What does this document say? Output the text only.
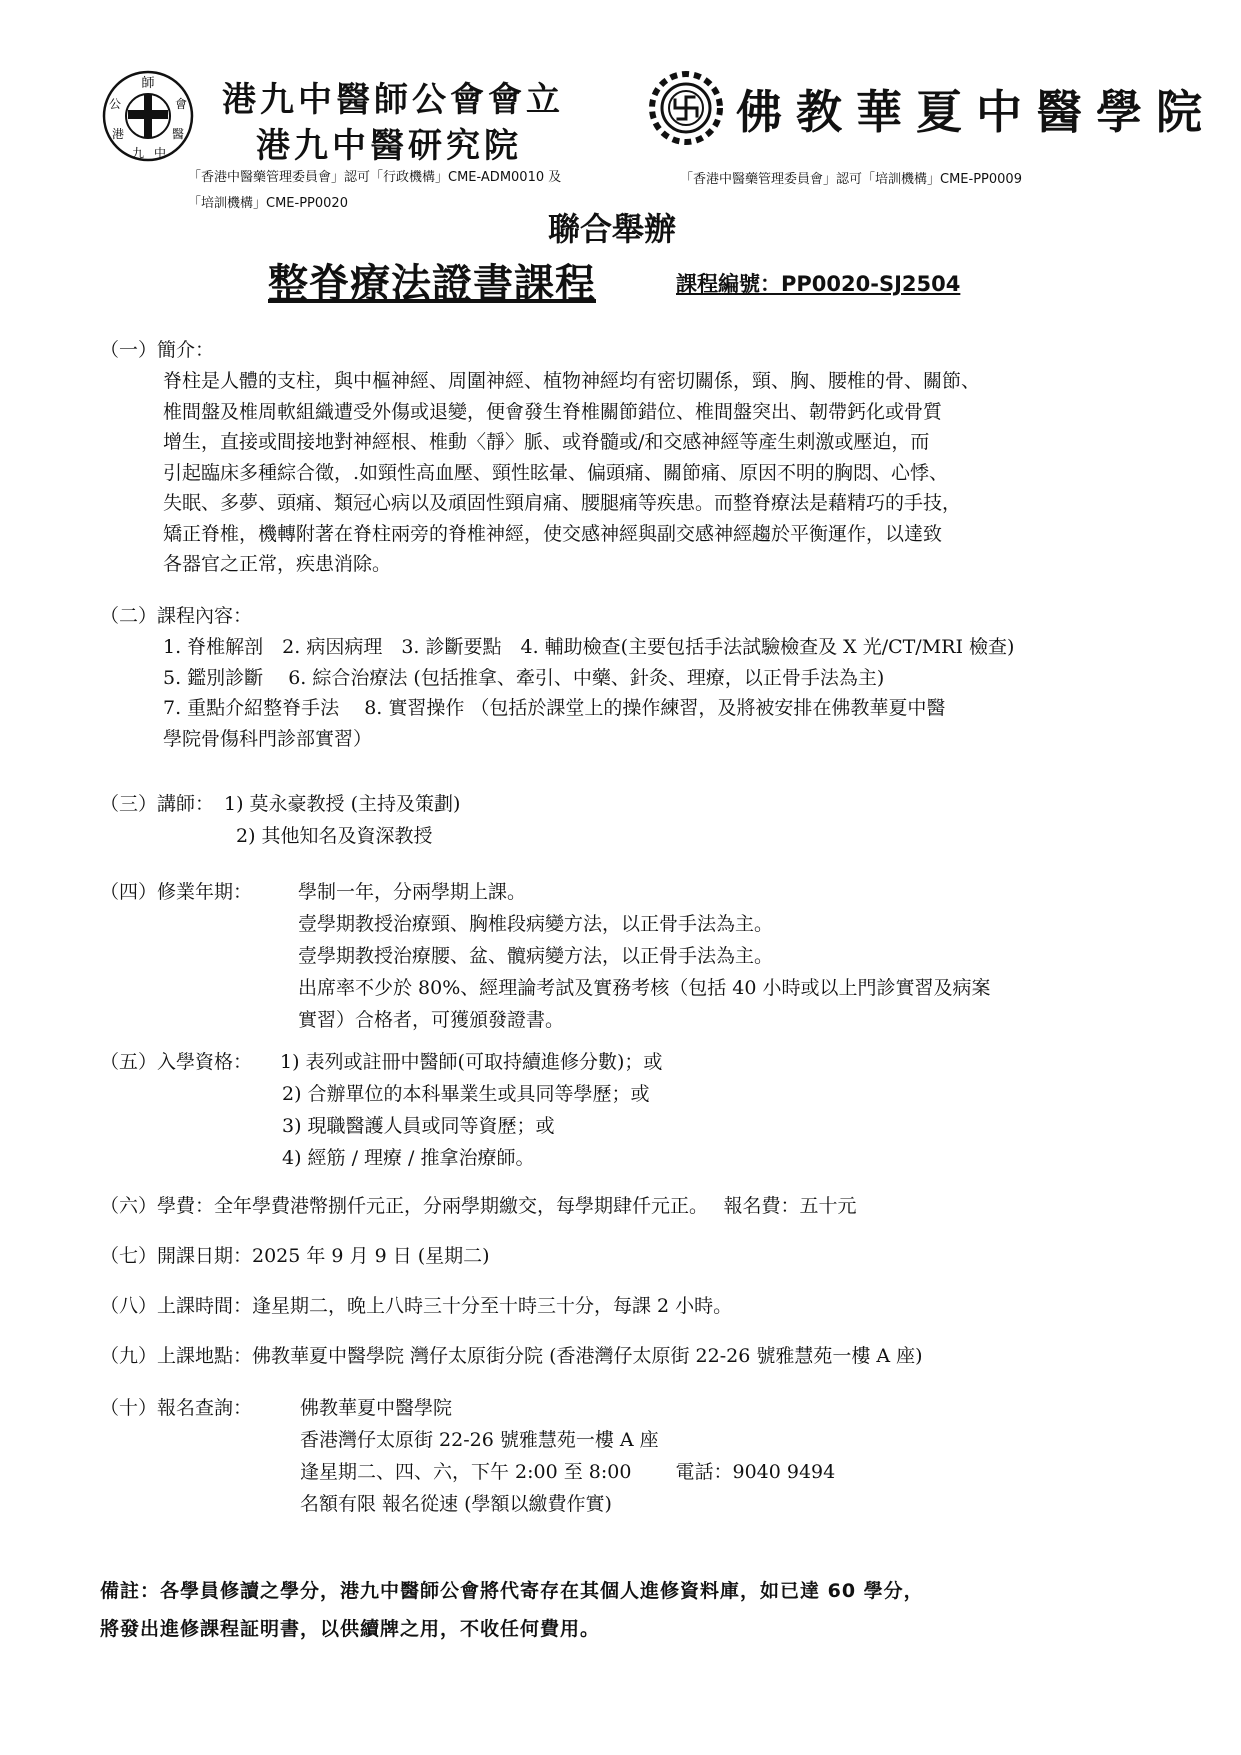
師
公	會
港	醫
九 中
港九中醫師公會會立
港九中醫研究院
「香港中醫藥管理委員會」認可「行政機構」CME-ADM0010 及
「培訓機構」CME-PP0020
佛教華夏中醫學院
「香港中醫藥管理委員會」認可「培訓機構」CME-PP0009
聯合舉辦
整脊療法證書課程	課程編號：PP0020-SJ2504
（一）簡介：
脊柱是人體的支柱，與中樞神經、周圍神經、植物神經均有密切關係，頸、胸、腰椎的骨、關節、
椎間盤及椎周軟組織遭受外傷或退變，便會發生脊椎關節錯位、椎間盤突出、韌帶鈣化或骨質
增生，直接或間接地對神經根、椎動〈靜〉脈、或脊髓或/和交感神經等產生刺激或壓迫，而
引起臨床多種綜合徵，.如頸性高血壓、頸性眩暈、偏頭痛、關節痛、原因不明的胸悶、心悸、
失眠、多夢、頭痛、類冠心病以及頑固性頸肩痛、腰腿痛等疾患。而整脊療法是藉精巧的手技，
矯正脊椎，機轉附著在脊柱兩旁的脊椎神經，使交感神經與副交感神經趨於平衡運作，以達致
各器官之正常，疾患消除。
（二）課程內容：
1. 脊椎解剖　2. 病因病理　3. 診斷要點　4. 輔助檢查(主要包括手法試驗檢查及 X 光/CT/MRI 檢查)
5. 鑑別診斷　 6. 綜合治療法 (包括推拿、牽引、中藥、針灸、理療，以正骨手法為主)
7. 重點介紹整脊手法　 8. 實習操作 （包括於課堂上的操作練習，及將被安排在佛教華夏中醫
學院骨傷科門診部實習）
（三）講師： 1) 莫永豪教授 (主持及策劃)
2) 其他知名及資深教授
（四）修業年期： 學制一年，分兩學期上課。
壹學期教授治療頸、胸椎段病變方法，以正骨手法為主。
壹學期教授治療腰、盆、髖病變方法，以正骨手法為主。
出席率不少於 80%、經理論考試及實務考核（包括 40 小時或以上門診實習及病案
實習）合格者，可獲頒發證書。
（五）入學資格： 1) 表列或註冊中醫師(可取持續進修分數)；或
2) 合辦單位的本科畢業生或具同等學歷；或
3) 現職醫護人員或同等資歷；或
4) 經筋 / 理療 / 推拿治療師。
（六）學費：全年學費港幣捌仟元正，分兩學期繳交，每學期肆仟元正。　 報名費：五十元
（七）開課日期：2025 年 9 月 9 日 (星期二)
（八）上課時間：逢星期二，晚上八時三十分至十時三十分，每課 2 小時。
（九）上課地點：佛教華夏中醫學院 灣仔太原街分院 (香港灣仔太原街 22-26 號雅慧苑一樓 A 座)
（十）報名查詢：	佛教華夏中醫學院
香港灣仔太原街 22-26 號雅慧苑一樓 A 座
逢星期二、四、六，下午 2:00 至 8:00　　 電話：9040 9494
名額有限 報名從速 (學額以繳費作實)
備註：各學員修讀之學分，港九中醫師公會將代寄存在其個人進修資料庫，如已達 60 學分，
將發出進修課程証明書，以供續牌之用，不收任何費用。
